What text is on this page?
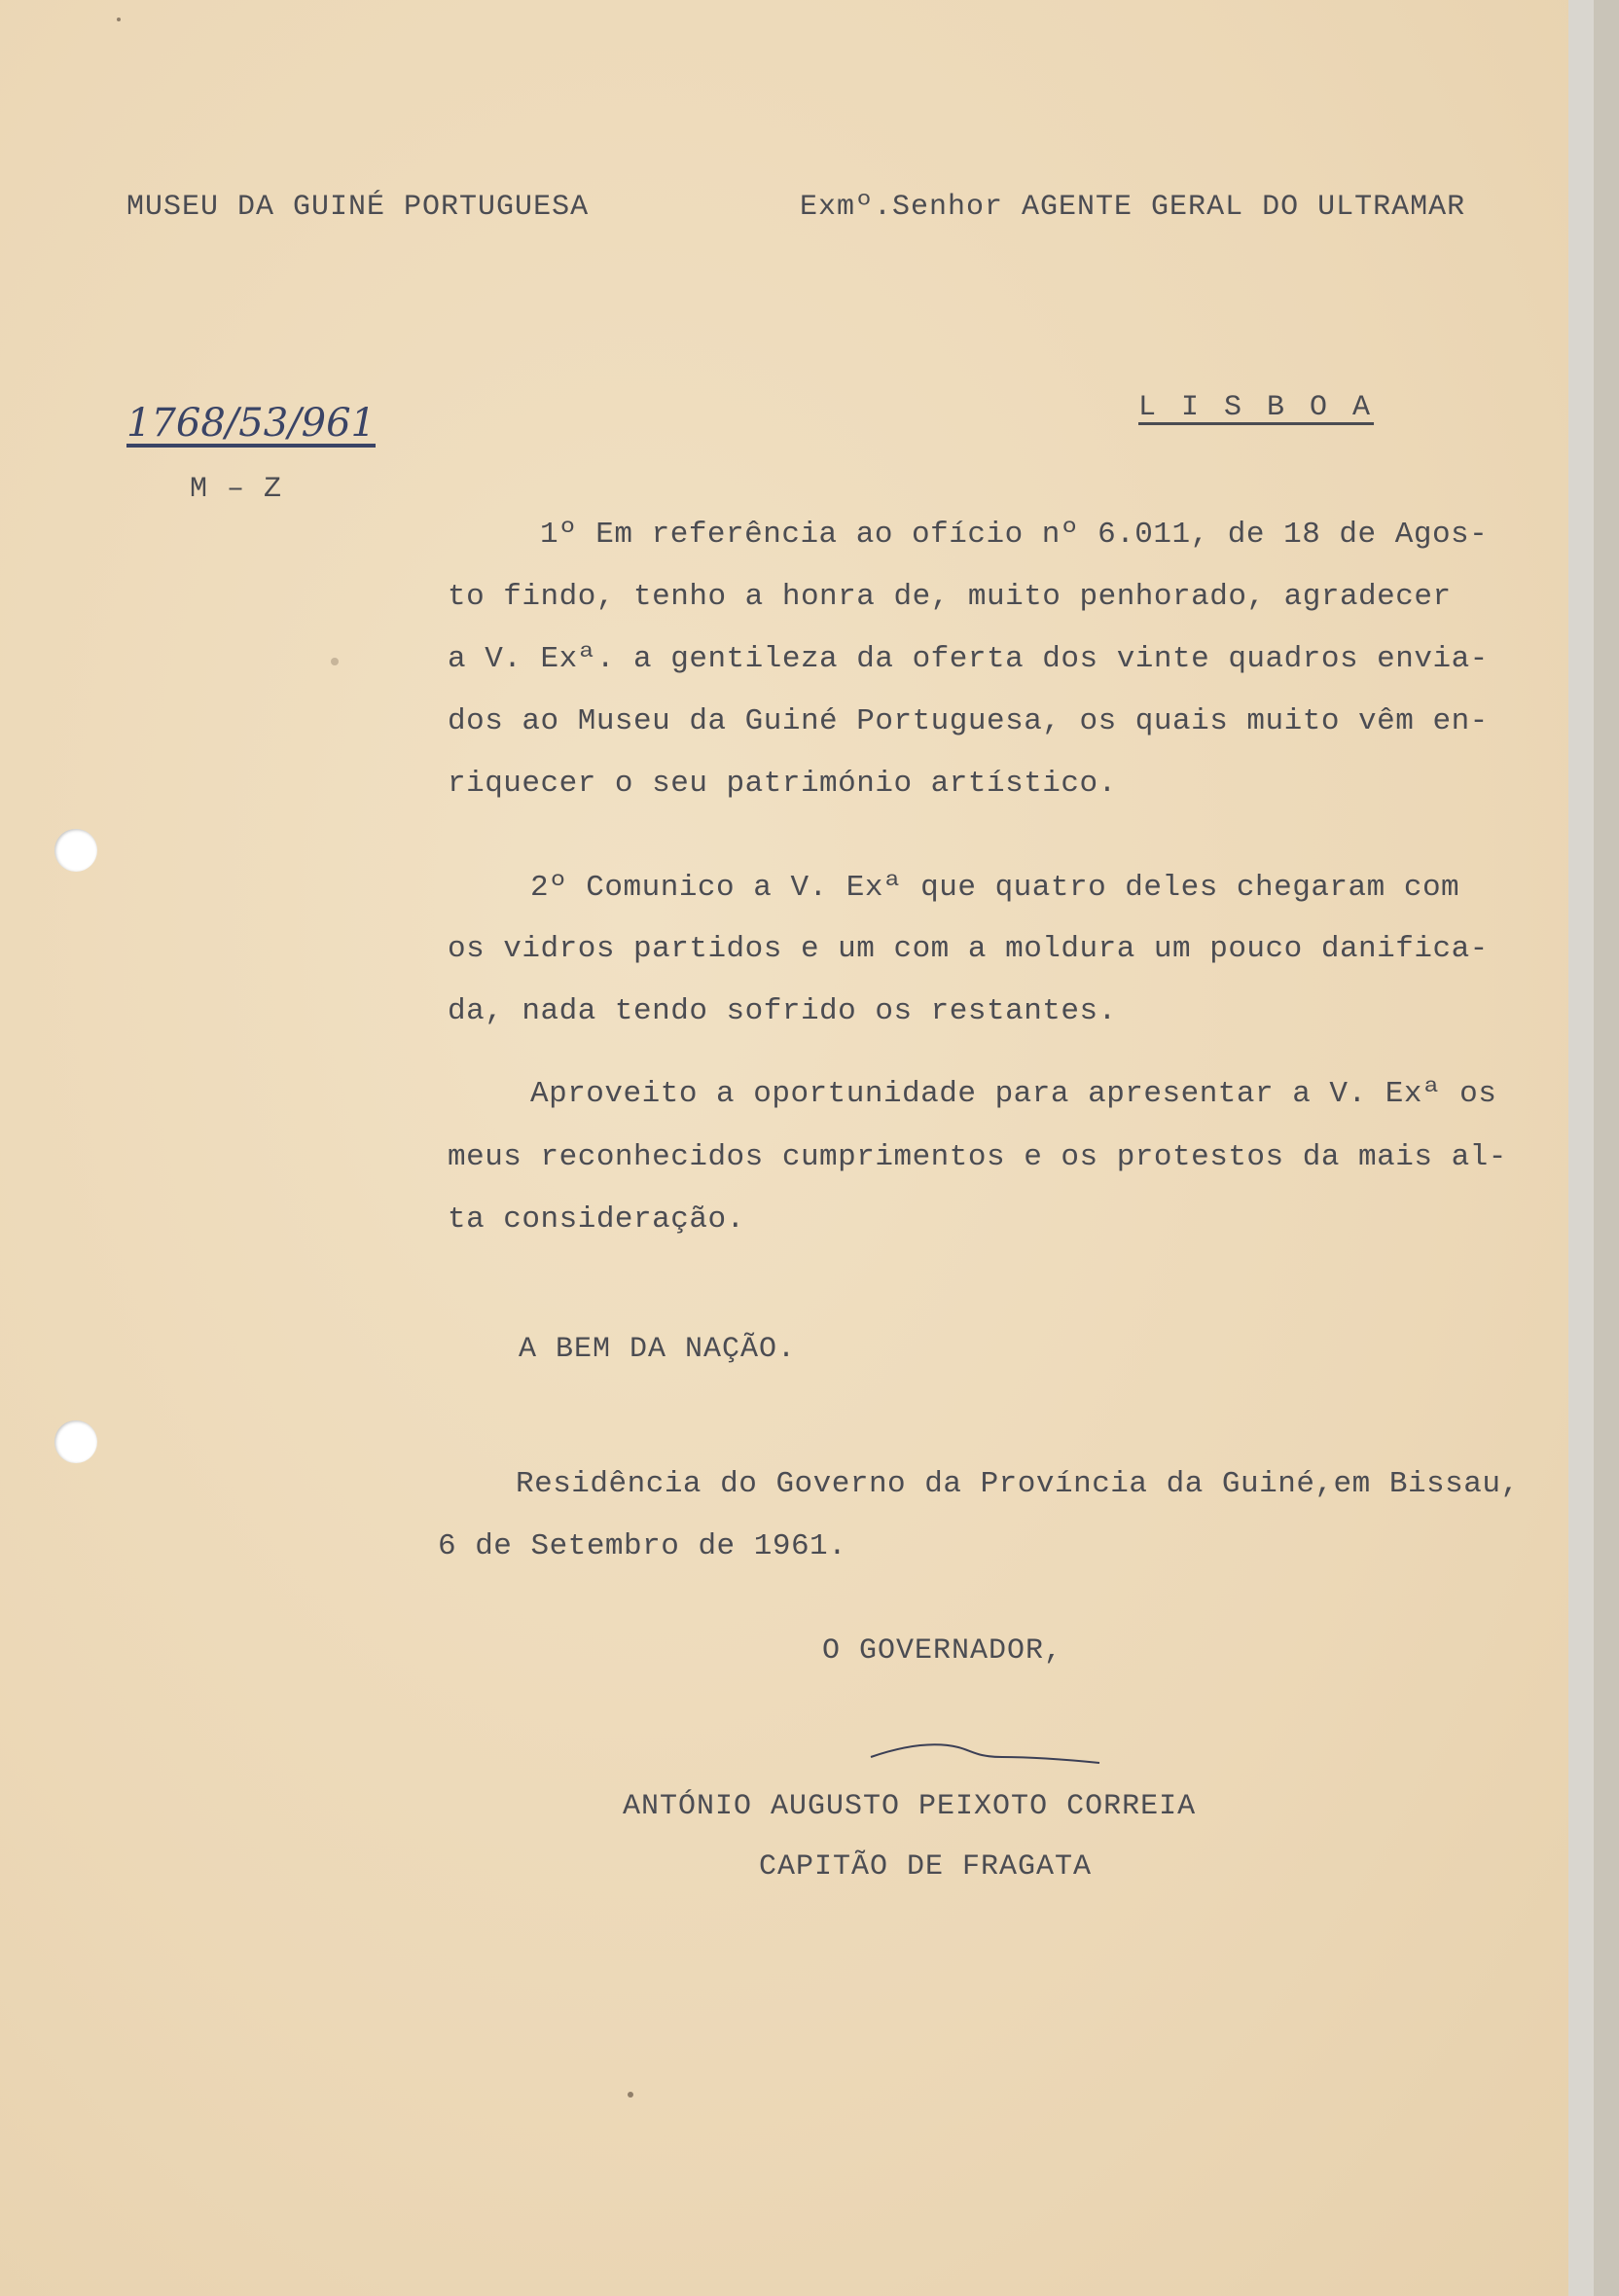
MUSEU DA GUINÉ PORTUGUESA	Exmº.Senhor AGENTE GERAL DO ULTRAMAR
L I S B O A
1768/53/961
M – Z
1º Em referência ao ofício nº 6.011, de 18 de Agos-
to findo, tenho a honra de, muito penhorado, agradecer
a V. Exª. a gentileza da oferta dos vinte quadros envia-
dos ao Museu da Guiné Portuguesa, os quais muito vêm en-
riquecer o seu património artístico.
2º Comunico a V. Exª que quatro deles chegaram com
os vidros partidos e um com a moldura um pouco danifica-
da, nada tendo sofrido os restantes.
Aproveito a oportunidade para apresentar a V. Exª os
meus reconhecidos cumprimentos e os protestos da mais al-
ta consideração.
A BEM DA NAÇÃO.
Residência do Governo da Província da Guiné,em Bissau,
6 de Setembro de 1961.
O GOVERNADOR,
ANTÓNIO AUGUSTO PEIXOTO CORREIA
CAPITÃO DE FRAGATA
